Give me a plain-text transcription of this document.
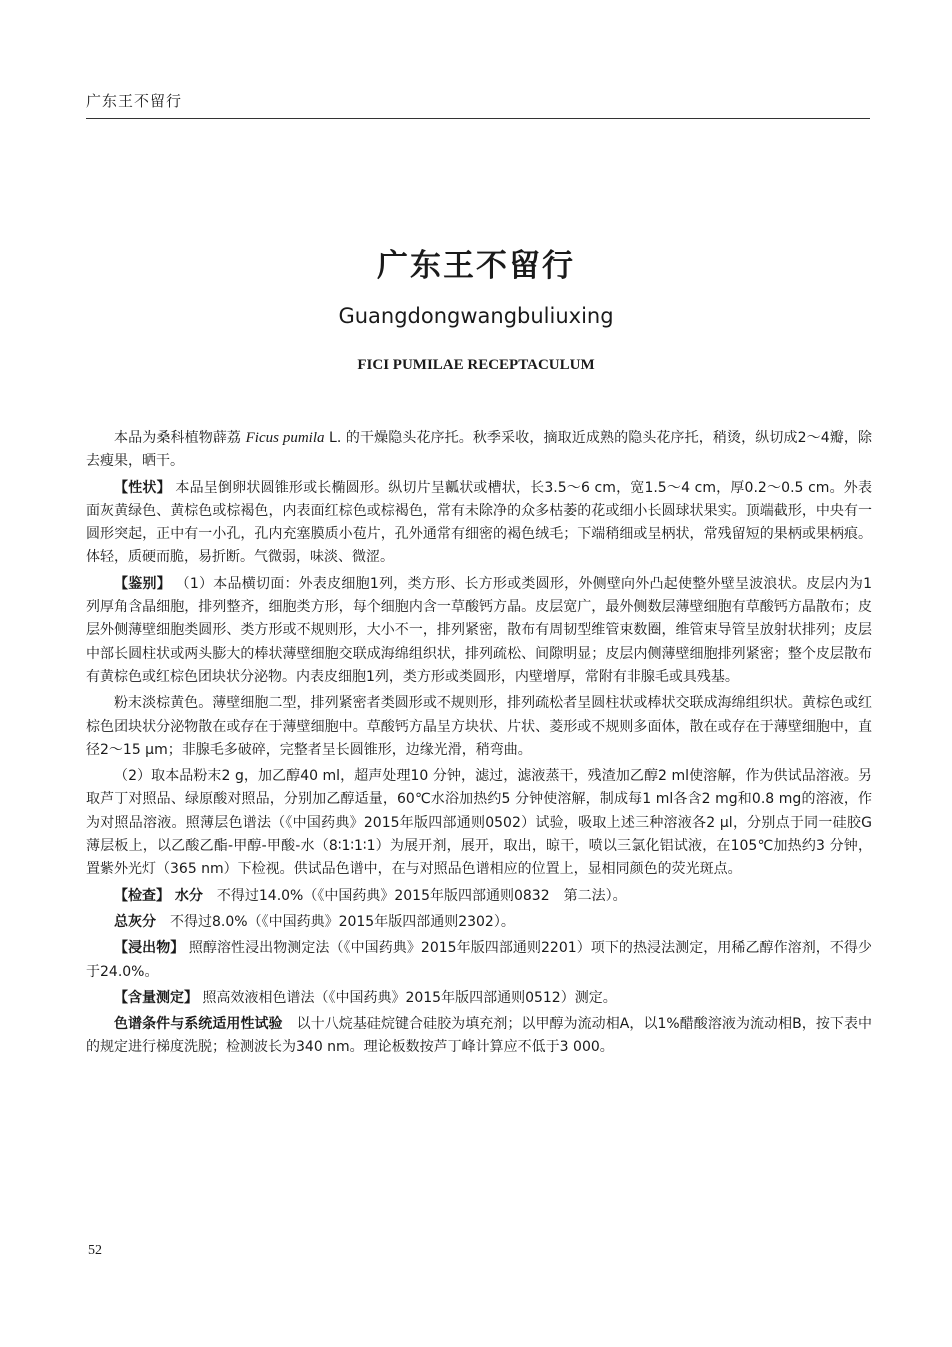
广东王不留行
广东王不留行
Guangdongwangbuliuxing
FICI PUMILAE RECEPTACULUM

本品为桑科植物薜荔 Ficus pumila L. 的干燥隐头花序托。秋季采收，摘取近成熟的隐头花序托，稍烫，纵切成2～4瓣，除去瘦果，晒干。

【性状】 本品呈倒卵状圆锥形或长椭圆形。纵切片呈瓤状或槽状，长3.5～6 cm，宽1.5～4 cm，厚0.2～0.5 cm。外表面灰黄绿色、黄棕色或棕褐色，内表面红棕色或棕褐色，常有未除净的众多枯萎的花或细小长圆球状果实。顶端截形，中央有一圆形突起，正中有一小孔，孔内充塞膜质小苞片，孔外通常有细密的褐色绒毛；下端稍细或呈柄状，常残留短的果柄或果柄痕。体轻，质硬而脆，易折断。气微弱，味淡、微涩。

【鉴别】 （1）本品横切面：外表皮细胞1列，类方形、长方形或类圆形，外侧壁向外凸起使整外壁呈波浪状。皮层内为1列厚角含晶细胞，排列整齐，细胞类方形，每个细胞内含一草酸钙方晶。皮层宽广，最外侧数层薄壁细胞有草酸钙方晶散布；皮层外侧薄壁细胞类圆形、类方形或不规则形，大小不一，排列紧密，散布有周韧型维管束数圈，维管束导管呈放射状排列；皮层中部长圆柱状或两头膨大的棒状薄壁细胞交联成海绵组织状，排列疏松、间隙明显；皮层内侧薄壁细胞排列紧密；整个皮层散布有黄棕色或红棕色团块状分泌物。内表皮细胞1列，类方形或类圆形，内壁增厚，常附有非腺毛或具残基。

粉末淡棕黄色。薄壁细胞二型，排列紧密者类圆形或不规则形，排列疏松者呈圆柱状或棒状交联成海绵组织状。黄棕色或红棕色团块状分泌物散在或存在于薄壁细胞中。草酸钙方晶呈方块状、片状、菱形或不规则多面体，散在或存在于薄壁细胞中，直径2～15 μm；非腺毛多破碎，完整者呈长圆锥形，边缘光滑，稍弯曲。

（2）取本品粉末2 g，加乙醇40 ml，超声处理10 分钟，滤过，滤液蒸干，残渣加乙醇2 ml使溶解，作为供试品溶液。另取芦丁对照品、绿原酸对照品，分别加乙醇适量，60℃水浴加热约5 分钟使溶解，制成每1 ml各含2 mg和0.8 mg的溶液，作为对照品溶液。照薄层色谱法（《中国药典》2015年版四部通则0502）试验，吸取上述三种溶液各2 μl，分别点于同一硅胶G薄层板上，以乙酸乙酯-甲醇-甲酸-水（8∶1∶1∶1）为展开剂，展开，取出，晾干，喷以三氯化铝试液，在105℃加热约3 分钟，置紫外光灯（365 nm）下检视。供试品色谱中，在与对照品色谱相应的位置上，显相同颜色的荧光斑点。

【检查】 水分　不得过14.0%（《中国药典》2015年版四部通则0832　第二法）。

总灰分　不得过8.0%（《中国药典》2015年版四部通则2302）。

【浸出物】 照醇溶性浸出物测定法（《中国药典》2015年版四部通则2201）项下的热浸法测定，用稀乙醇作溶剂，不得少于24.0%。

【含量测定】 照高效液相色谱法（《中国药典》2015年版四部通则0512）测定。

色谱条件与系统适用性试验　以十八烷基硅烷键合硅胶为填充剂；以甲醇为流动相A，以1%醋酸溶液为流动相B，按下表中的规定进行梯度洗脱；检测波长为340 nm。理论板数按芦丁峰计算应不低于3 000。

52
